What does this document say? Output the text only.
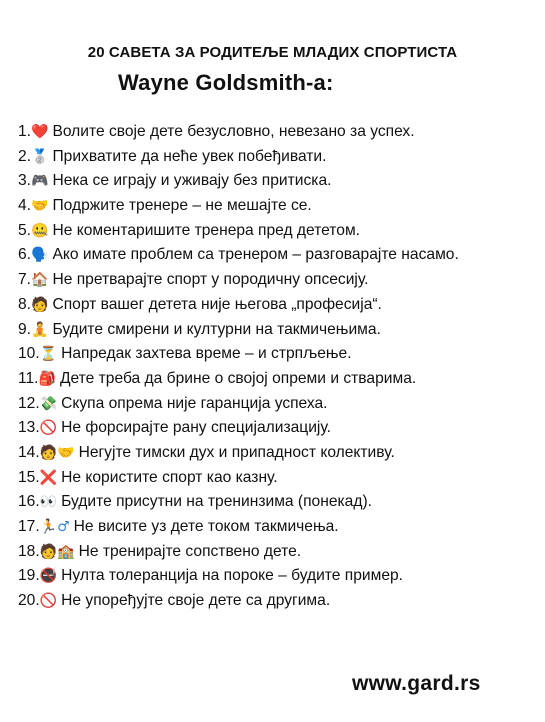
20 САВЕТА ЗА РОДИТЕЉЕ МЛАДИХ СПОРТИСТА
Wayne Goldsmith-а:
1. ❤️ Волите своје дете безусловно, невезано за успех.
2. 🥈 Прихватите да неће увек побеђивати.
3. 🎮 Нека се играју и уживају без притиска.
4. 🤝 Подржите тренере – не мешајте се.
5. 🤐 Не коментаришите тренера пред дететом.
6. 🗣️ Ако имате проблем са тренером – разговарајте насамо.
7. 🏠 Не претварајте спорт у породичну опсесију.
8. 🧑 Спорт вашег детета није његова „професија“.
9. 🧘 Будите смирени и културни на такмичењима.
10. ⏳ Напредак захтева време – и стрпљење.
11. 🎒 Дете треба да брине о својој опреми и стварима.
12. 💸 Скупа опрема није гаранција успеха.
13. 🚫 Не форсирајте рану специјализацију.
14. 🧑🤝 Негујте тимски дух и припадност колективу.
15. ❌ Не користите спорт као казну.
16. 👀 Будите присутни на тренинзима (понекад).
17. 🏃♂ Не висите уз дете током такмичења.
18. 🧑🏫 Не тренирајте сопствено дете.
19. 🚭 Нулта толеранција на пороке – будите пример.
20. 🚫 Не упоређујте своје дете са другима.
www.gard.rs
